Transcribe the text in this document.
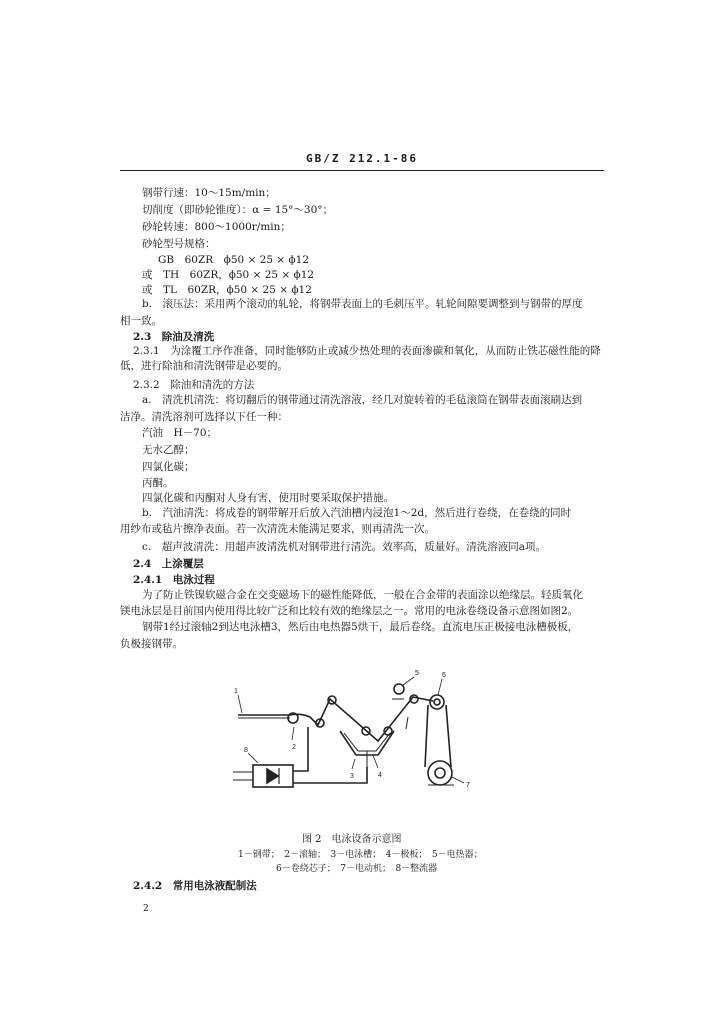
GB/Z 212.1-86
钢带行速：10～15m/min；
切削度（即砂轮锥度）：α = 15°～30°；
砂轮转速：800～1000r/min；
砂轮型号规格：
GB　60ZR　ϕ50 × 25 × ϕ12
或　TH　60ZR，ϕ50 × 25 × ϕ12
或　TL　60ZR，ϕ50 × 25 × ϕ12
b.　滚压法：采用两个滚动的轧轮，将钢带表面上的毛刺压平。轧轮间隙要调整到与钢带的厚度
相一致。
2.3　除油及清洗
2.3.1　为涂覆工序作准备，同时能够防止或减少热处理的表面渗碳和氧化，从而防止铁芯磁性能的降
低，进行除油和清洗钢带是必要的。
2.3.2　除油和清洗的方法
a.　清洗机清洗：将切翻后的钢带通过清洗溶液，经几对旋转着的毛毡滚筒在钢带表面滚刷达到
洁净。清洗溶剂可选择以下任一种：
汽油　H－70；
无水乙醇；
四氯化碳；
丙酮。
四氯化碳和丙酮对人身有害，使用时要采取保护措施。
b.　汽油清洗：将成卷的钢带解开后放入汽油槽内浸泡1～2d，然后进行卷绕，在卷绕的同时
用纱布或毡片擦净表面。若一次清洗未能满足要求，则再清洗一次。
c.　超声波清洗：用超声波清洗机对钢带进行清洗。效率高，质量好。清洗溶液同a项。
2.4　上涂覆层
2.4.1　电泳过程
为了防止铁镍软磁合金在交变磁场下的磁性能降低，一般在合金带的表面涂以绝缘层。轻质氧化
镁电泳层是目前国内使用得比较广泛和比较有效的绝缘层之一。常用的电泳卷绕设备示意图如图2。
钢带1经过滚轴2到达电泳槽3，然后由电热器5烘干，最后卷绕。直流电压正极接电泳槽极板，
负极接钢带。
1
2
3	4
5	6
7
8
图 2　电泳设备示意图
1－钢带；　2－滚轴；　3－电泳槽；　4－极板；　5－电热器；
6－卷绕芯子；　7－电动机；　8－整流器
2.4.2　常用电泳液配制法
2
